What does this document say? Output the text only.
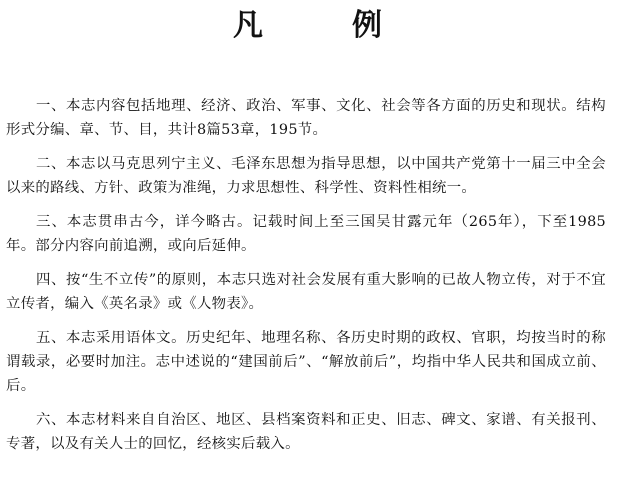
凡	例

一、本志内容包括地理、经济、政治、军事、文化、社会等各方面的历史和现状。结构形式分编、章、节、目，共计8篇53章，195节。

二、本志以马克思列宁主义、毛泽东思想为指导思想，以中国共产党第十一届三中全会以来的路线、方针、政策为准绳，力求思想性、科学性、资料性相统一。

三、本志贯串古今，详今略古。记载时间上至三国吴甘露元年（265年），下至1985年。部分内容向前追溯，或向后延伸。

四、按“生不立传”的原则，本志只选对社会发展有重大影响的已故人物立传，对于不宜立传者，编入《英名录》或《人物表》。

五、本志采用语体文。历史纪年、地理名称、各历史时期的政权、官职，均按当时的称谓载录，必要时加注。志中述说的“建国前后”、“解放前后”，均指中华人民共和国成立前、后。

六、本志材料来自自治区、地区、县档案资料和正史、旧志、碑文、家谱、有关报刊、专著，以及有关人士的回忆，经核实后载入。
